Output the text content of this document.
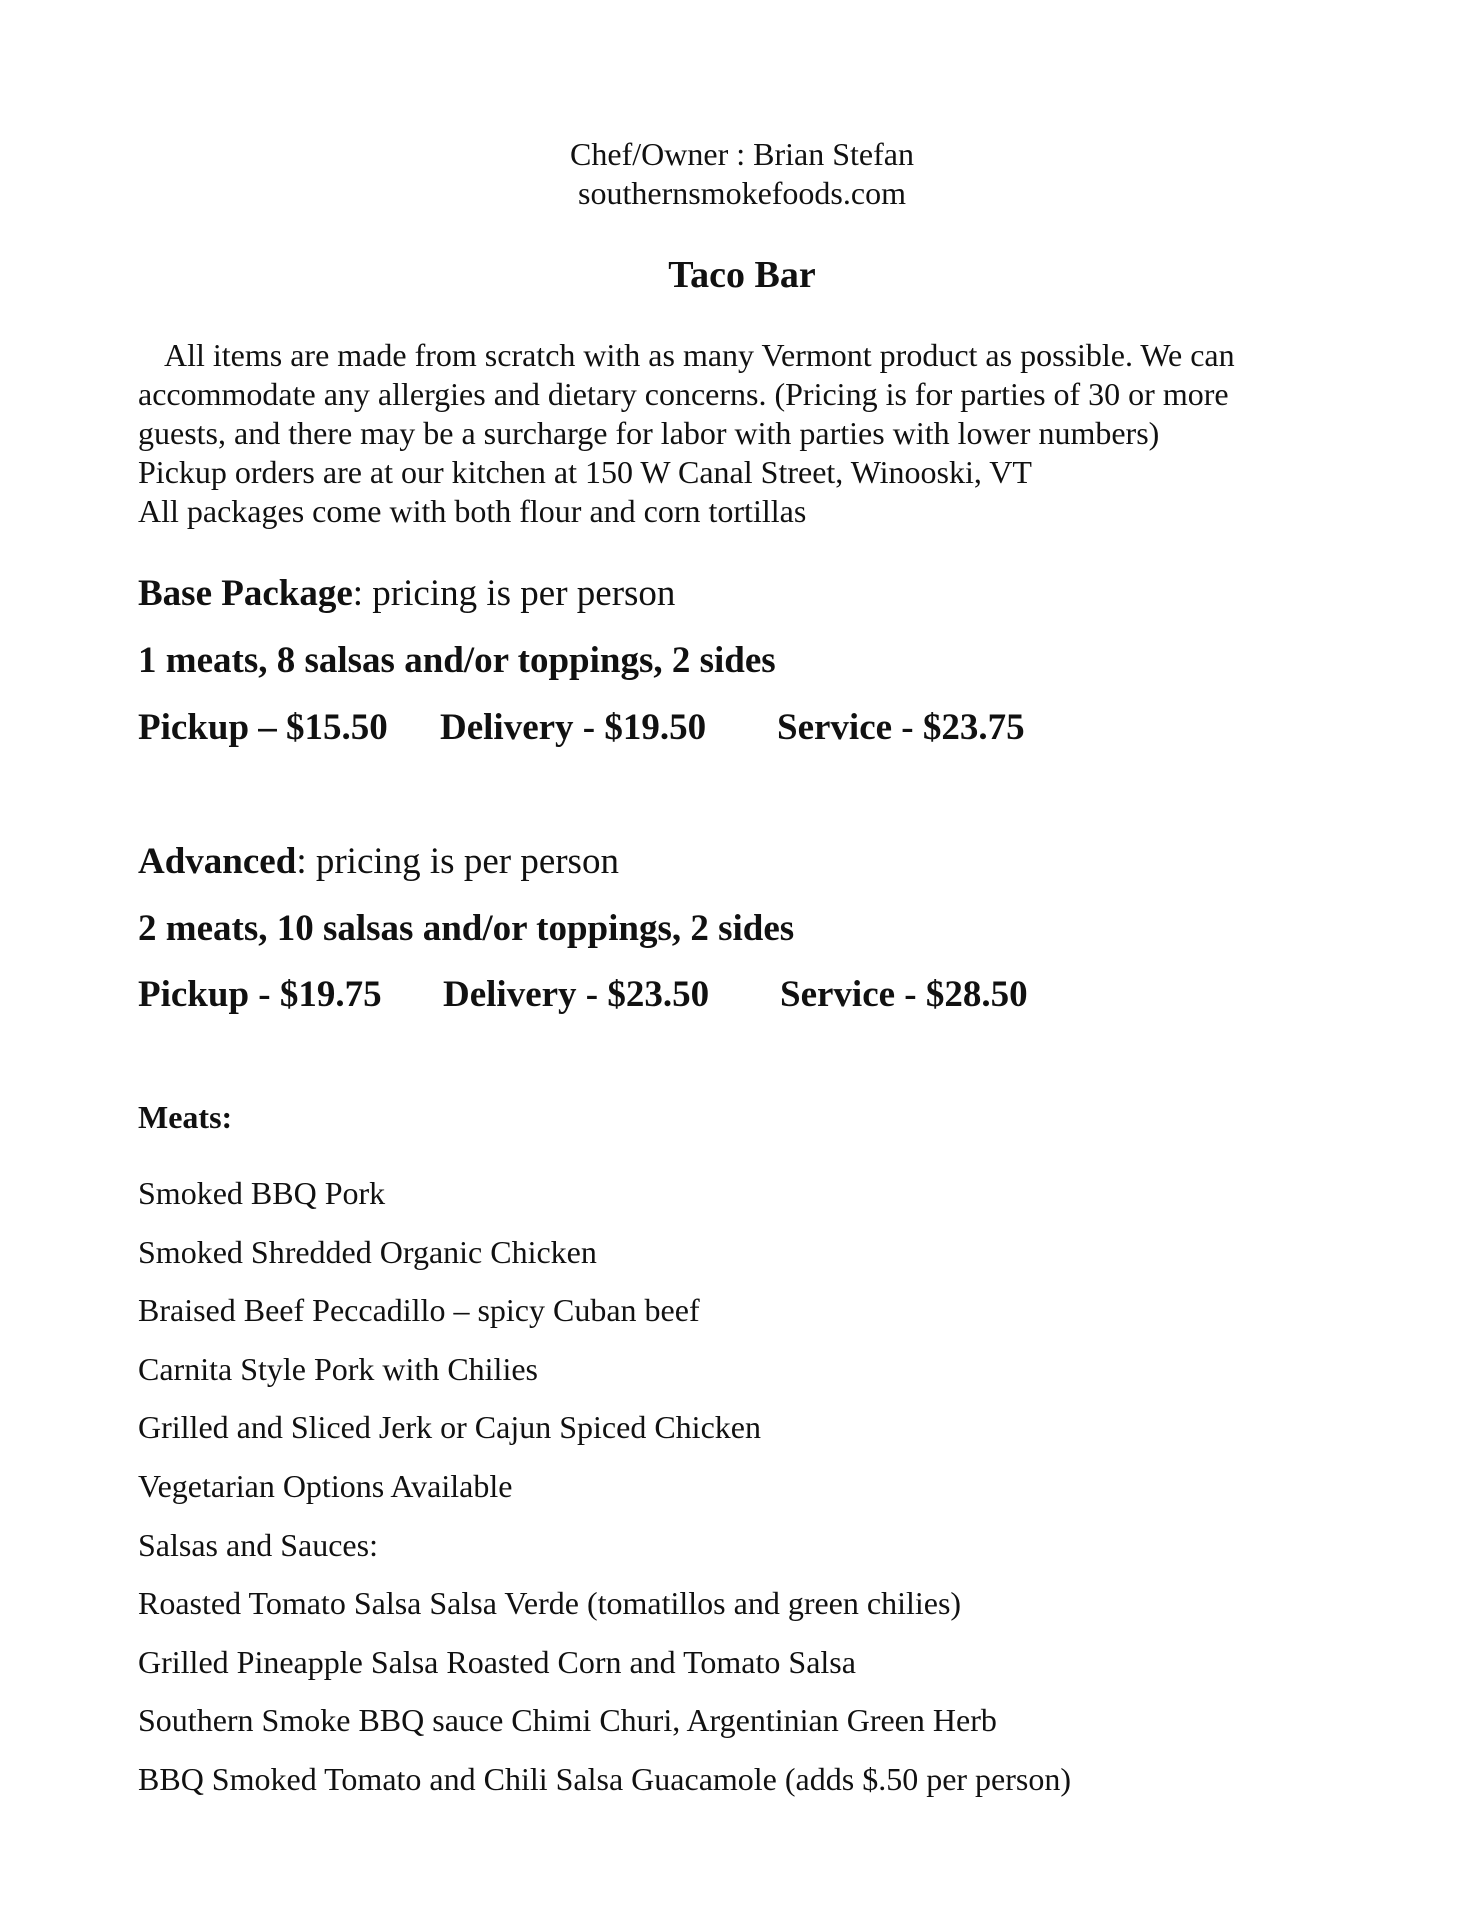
Chef/Owner : Brian Stefan
southernsmokefoods.com
Taco Bar
All items are made from scratch with as many Vermont product as possible. We can
accommodate any allergies and dietary concerns. (Pricing is for parties of 30 or more
guests, and there may be a surcharge for labor with parties with lower numbers)
Pickup orders are at our kitchen at 150 W Canal Street, Winooski, VT
All packages come with both flour and corn tortillas
Base Package: pricing is per person
1 meats, 8 salsas and/or toppings, 2 sides
Pickup – $15.50 Delivery - $19.50 Service - $23.75
Advanced: pricing is per person
2 meats, 10 salsas and/or toppings, 2 sides
Pickup - $19.75 Delivery - $23.50 Service - $28.50
Meats:
Smoked BBQ Pork
Smoked Shredded Organic Chicken
Braised Beef Peccadillo – spicy Cuban beef
Carnita Style Pork with Chilies
Grilled and Sliced Jerk or Cajun Spiced Chicken
Vegetarian Options Available
Salsas and Sauces:
Roasted Tomato Salsa Salsa Verde (tomatillos and green chilies)
Grilled Pineapple Salsa Roasted Corn and Tomato Salsa
Southern Smoke BBQ sauce Chimi Churi, Argentinian Green Herb
BBQ Smoked Tomato and Chili Salsa Guacamole (adds $.50 per person)
